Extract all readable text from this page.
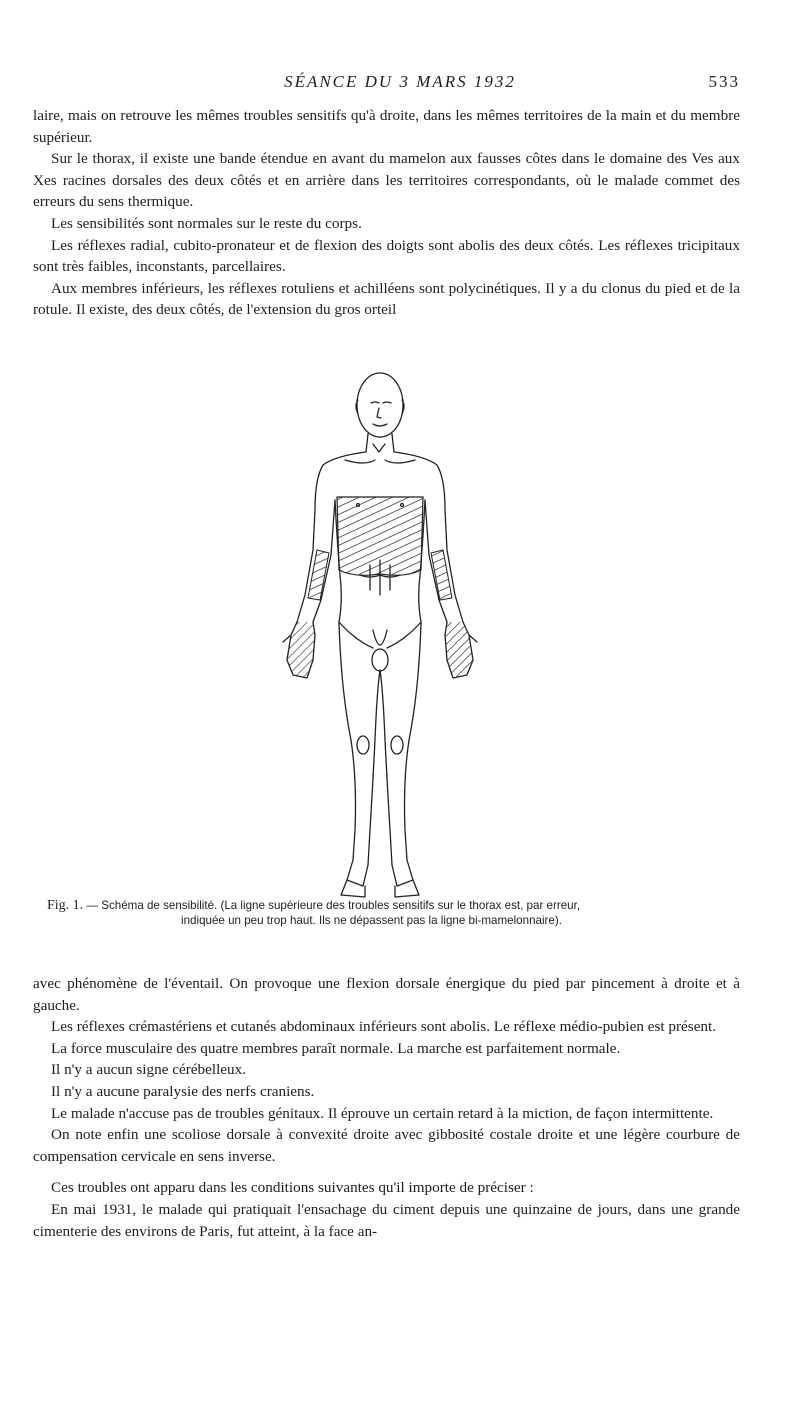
SÉANCE DU 3 MARS 1932	533

laire, mais on retrouve les mêmes troubles sensitifs qu'à droite, dans les mêmes territoires de la main et du membre supérieur.

Sur le thorax, il existe une bande étendue en avant du mamelon aux fausses côtes dans le domaine des Ves aux Xes racines dorsales des deux côtés et en arrière dans les territoires correspondants, où le malade commet des erreurs du sens thermique.

Les sensibilités sont normales sur le reste du corps.

Les réflexes radial, cubito-pronateur et de flexion des doigts sont abolis des deux côtés. Les réflexes tricipitaux sont très faibles, inconstants, parcellaires.

Aux membres inférieurs, les réflexes rotuliens et achilléens sont polycinétiques. Il y a du clonus du pied et de la rotule. Il existe, des deux côtés, de l'extension du gros orteil

Fig. 1. — Schéma de sensibilité. (La ligne supérieure des troubles sensitifs sur le thorax est, par erreur,
indiquée un peu trop haut. Ils ne dépassent pas la ligne bi-mamelonnaire).

avec phénomène de l'éventail. On provoque une flexion dorsale énergique du pied par pincement à droite et à gauche.

Les réflexes crémastériens et cutanés abdominaux inférieurs sont abolis. Le réflexe médio-pubien est présent.

La force musculaire des quatre membres paraît normale. La marche est parfaitement normale.

Il n'y a aucun signe cérébelleux.

Il n'y a aucune paralysie des nerfs craniens.

Le malade n'accuse pas de troubles génitaux. Il éprouve un certain retard à la miction, de façon intermittente.

On note enfin une scoliose dorsale à convexité droite avec gibbosité costale droite et une légère courbure de compensation cervicale en sens inverse.

Ces troubles ont apparu dans les conditions suivantes qu'il importe de préciser :

En mai 1931, le malade qui pratiquait l'ensachage du ciment depuis une quinzaine de jours, dans une grande cimenterie des environs de Paris, fut atteint, à la face an-
